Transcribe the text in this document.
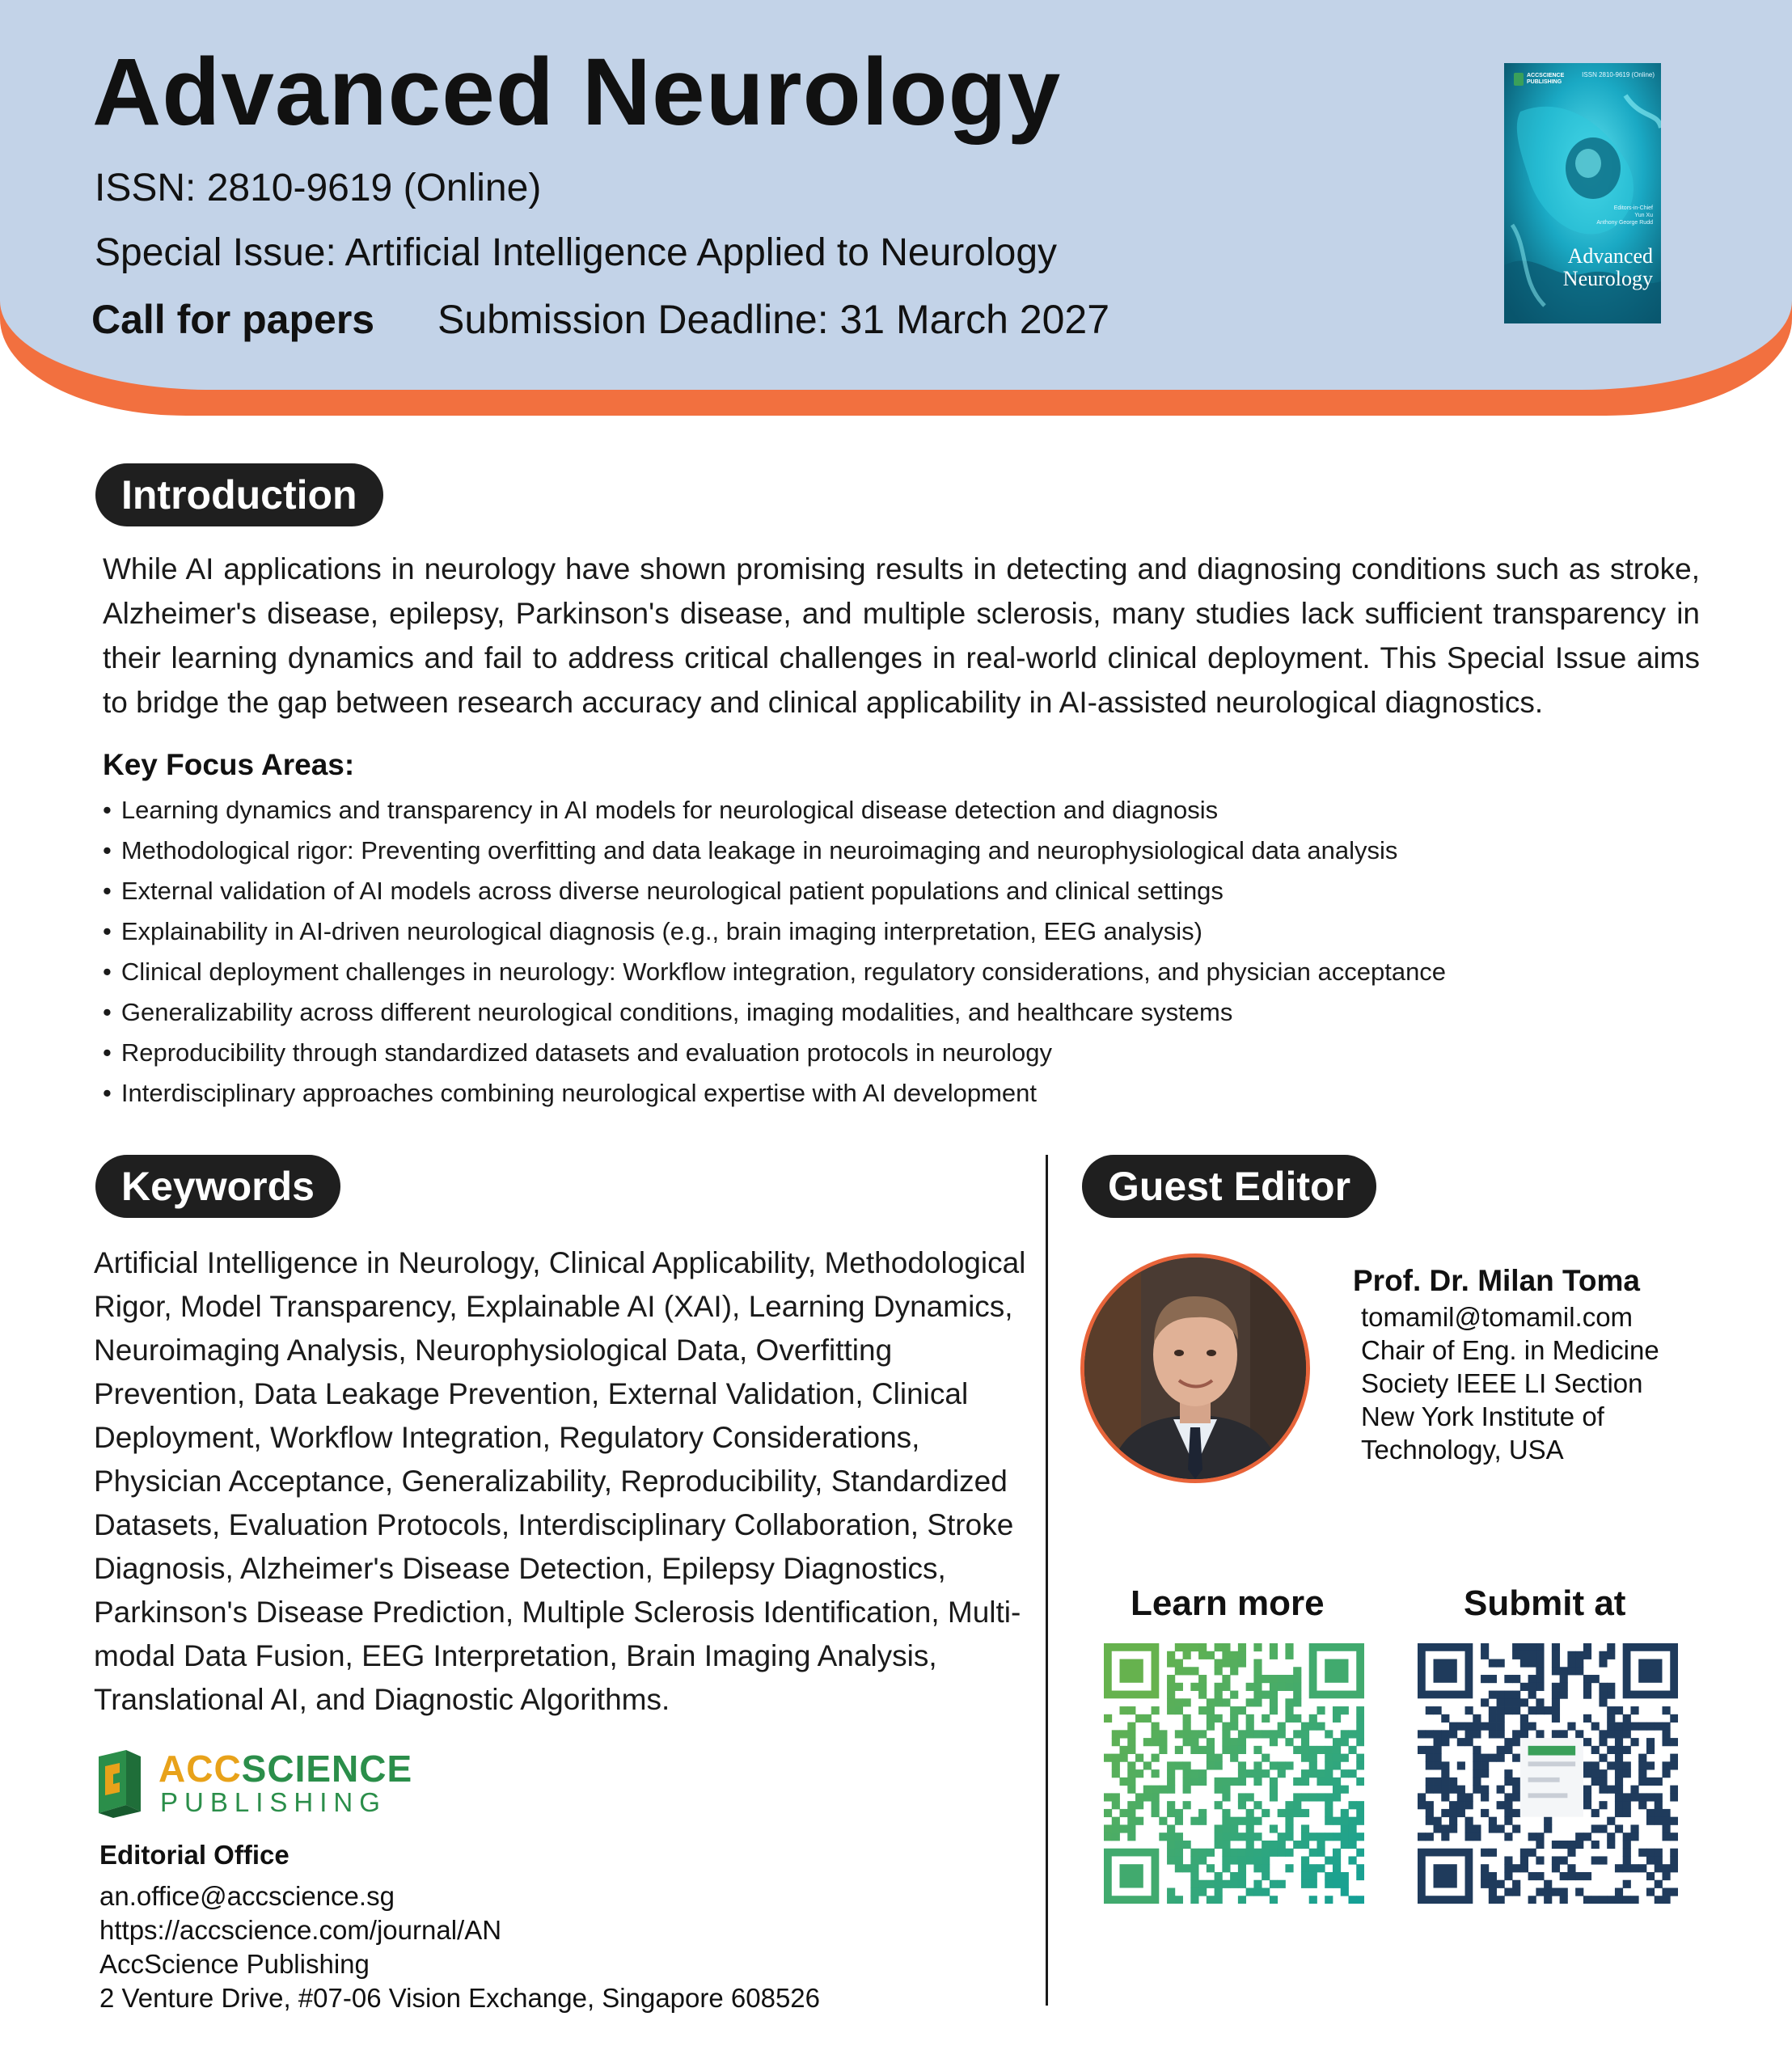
Advanced Neurology
ISSN: 2810-9619 (Online)
Special Issue: Artificial Intelligence Applied to Neurology
Call for papers Submission Deadline: 31 March 2027
ACCSCIENCE
PUBLISHING
ISSN 2810-9619 (Online)
Editors-in-Chief
Yun Xu
Anthony George Rudd
Advanced
Neurology
Introduction

While AI applications in neurology have shown promising results in detecting and diagnosing conditions such as stroke, Alzheimer's disease, epilepsy, Parkinson's disease, and multiple sclerosis, many studies lack sufficient transparency in their learning dynamics and fail to address critical challenges in real-world clinical deployment. This Special Issue aims to bridge the gap between research accuracy and clinical applicability in AI-assisted neurological diagnostics.

Key Focus Areas:
• Learning dynamics and transparency in AI models for neurological disease detection and diagnosis
• Methodological rigor: Preventing overfitting and data leakage in neuroimaging and neurophysiological data analysis
• External validation of AI models across diverse neurological patient populations and clinical settings
• Explainability in AI-driven neurological diagnosis (e.g., brain imaging interpretation, EEG analysis)
• Clinical deployment challenges in neurology: Workflow integration, regulatory considerations, and physician acceptance
• Generalizability across different neurological conditions, imaging modalities, and healthcare systems
• Reproducibility through standardized datasets and evaluation protocols in neurology
• Interdisciplinary approaches combining neurological expertise with AI development
Keywords

Artificial Intelligence in Neurology, Clinical Applicability, Methodological Rigor, Model Transparency, Explainable AI (XAI), Learning Dynamics, Neuroimaging Analysis, Neurophysiological Data, Overfitting Prevention, Data Leakage Prevention, External Validation, Clinical Deployment, Workflow Integration, Regulatory Considerations, Physician Acceptance, Generalizability, Reproducibility, Standardized Datasets, Evaluation Protocols, Interdisciplinary Collaboration, Stroke Diagnosis, Alzheimer's Disease Detection, Epilepsy Diagnostics, Parkinson's Disease Prediction, Multiple Sclerosis Identification, Multi-modal Data Fusion, EEG Interpretation, Brain Imaging Analysis, Translational AI, and Diagnostic Algorithms.

ACCSCIENCE
PUBLISHING
Editorial Office
an.office@accscience.sg
https://accscience.com/journal/AN
AccScience Publishing
2 Venture Drive, #07-06 Vision Exchange, Singapore 608526
Guest Editor
Prof. Dr. Milan Toma
tomamil@tomamil.com
Chair of Eng. in Medicine
Society IEEE LI Section
New York Institute of
Technology, USA
Learn more	Submit at
